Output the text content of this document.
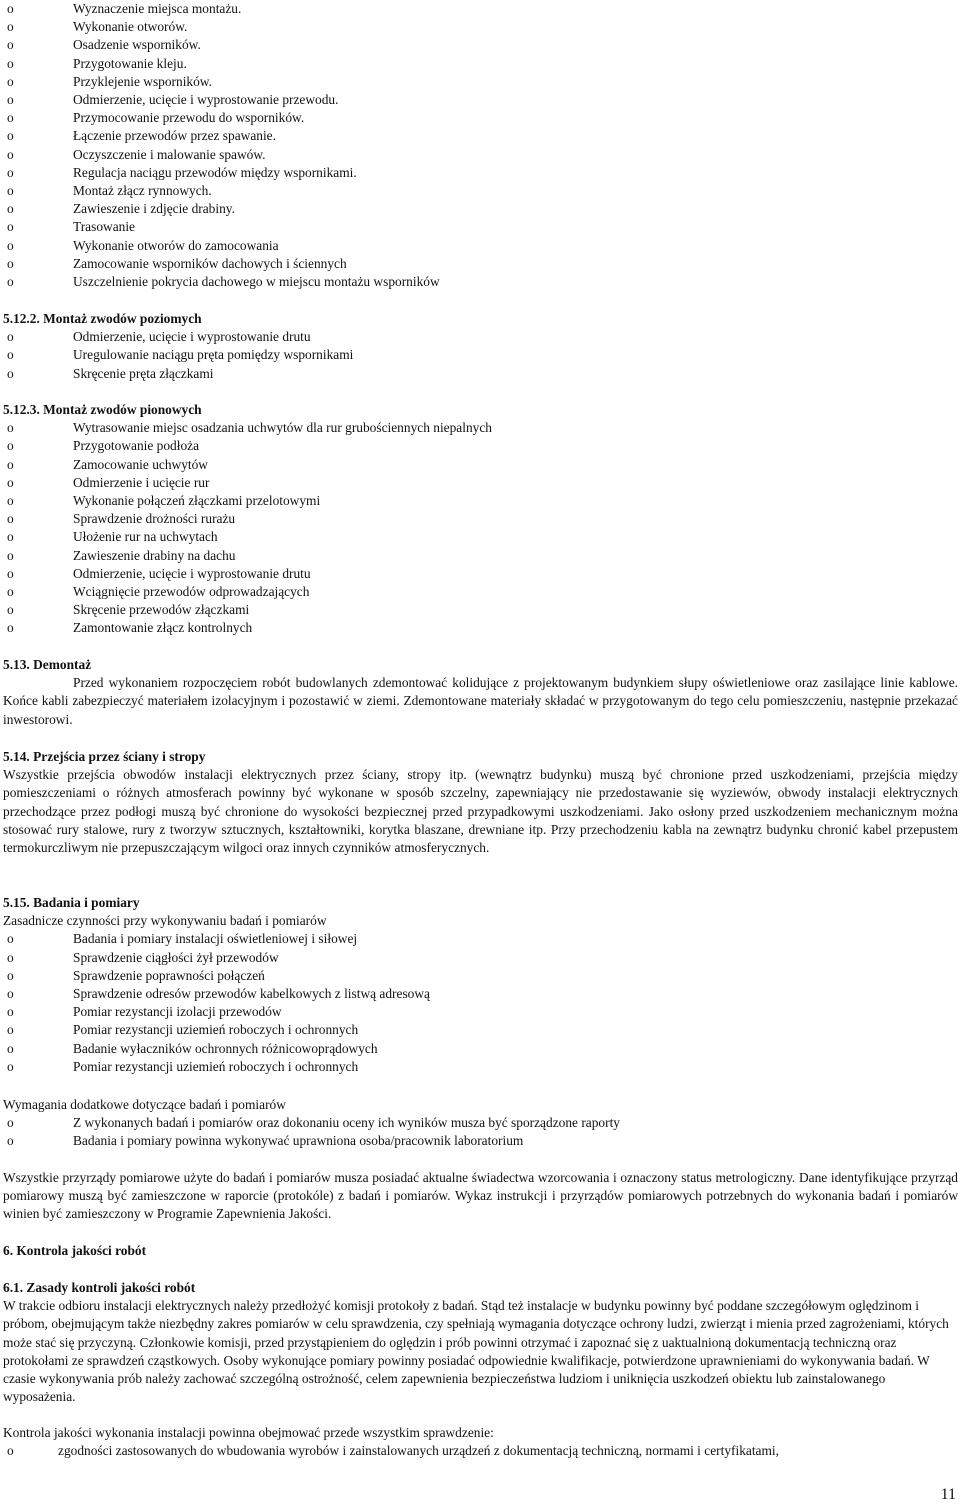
o Wyznaczenie miejsca montażu.
o Wykonanie otworów.
o Osadzenie wsporników.
o Przygotowanie kleju.
o Przyklejenie wsporników.
o Odmierzenie, ucięcie i wyprostowanie przewodu.
o Przymocowanie przewodu do wsporników.
o Łączenie przewodów przez spawanie.
o Oczyszczenie i malowanie spawów.
o Regulacja naciągu przewodów między wspornikami.
o Montaż złącz rynnowych.
o Zawieszenie i zdjęcie drabiny.
o Trasowanie
o Wykonanie otworów do zamocowania
o Zamocowanie wsporników dachowych i ściennych
o Uszczelnienie pokrycia dachowego w miejscu montażu wsporników

5.12.2. Montaż zwodów poziomych

o Odmierzenie, ucięcie i wyprostowanie drutu
o Uregulowanie naciągu pręta pomiędzy wspornikami
o Skręcenie pręta złączkami

5.12.3. Montaż zwodów pionowych

o Wytrasowanie miejsc osadzania uchwytów dla rur grubościennych niepalnych
o Przygotowanie podłoża
o Zamocowanie uchwytów
o Odmierzenie i ucięcie rur
o Wykonanie połączeń złączkami przelotowymi
o Sprawdzenie drożności rurażu
o Ułożenie rur na uchwytach
o Zawieszenie drabiny na dachu
o Odmierzenie, ucięcie i wyprostowanie drutu
o Wciągnięcie przewodów odprowadzających
o Skręcenie przewodów złączkami
o Zamontowanie złącz kontrolnych

5.13. Demontaż

Przed wykonaniem rozpoczęciem robót budowlanych zdemontować kolidujące z projektowanym budynkiem słupy oświetleniowe oraz zasilające linie kablowe. Końce kabli zabezpieczyć materiałem izolacyjnym i pozostawić w ziemi. Zdemontowane materiały składać w przygotowanym do tego celu pomieszczeniu, następnie przekazać inwestorowi.

5.14. Przejścia przez ściany i stropy

Wszystkie przejścia obwodów instalacji elektrycznych przez ściany, stropy itp. (wewnątrz budynku) muszą być chronione przed uszkodzeniami, przejścia między pomieszczeniami o różnych atmosferach powinny być wykonane w sposób szczelny, zapewniający nie przedostawanie się wyziewów, obwody instalacji elektrycznych przechodzące przez podłogi muszą być chronione do wysokości bezpiecznej przed przypadkowymi uszkodzeniami. Jako osłony przed uszkodzeniem mechanicznym można stosować rury stalowe, rury z tworzyw sztucznych, kształtowniki, korytka blaszane, drewniane itp. Przy przechodzeniu kabla na zewnątrz budynku chronić kabel przepustem termokurczliwym nie przepuszczającym wilgoci oraz innych czynników atmosferycznych.

5.15. Badania i pomiary

Zasadnicze czynności przy wykonywaniu badań i pomiarów

o Badania i pomiary instalacji oświetleniowej i siłowej
o Sprawdzenie ciągłości żył przewodów
o Sprawdzenie poprawności połączeń
o Sprawdzenie odresów przewodów kabelkowych z listwą adresową
o Pomiar rezystancji izolacji przewodów
o Pomiar rezystancji uziemień roboczych i ochronnych
o Badanie wyłaczników ochronnych różnicowoprądowych
o Pomiar rezystancji uziemień roboczych i ochronnych

Wymagania dodatkowe dotyczące badań i pomiarów

o Z wykonanych badań i pomiarów oraz dokonaniu oceny ich wyników musza być sporządzone raporty
o Badania i pomiary powinna wykonywać uprawniona osoba/pracownik laboratorium

Wszystkie przyrządy pomiarowe użyte do badań i pomiarów musza posiadać aktualne świadectwa wzorcowania i oznaczony status metrologiczny. Dane identyfikujące przyrząd pomiarowy muszą być zamieszczone w raporcie (protokóle) z badań i pomiarów. Wykaz instrukcji i przyrządów pomiarowych potrzebnych do wykonania badań i pomiarów winien być zamieszczony w Programie Zapewnienia Jakości.

6. Kontrola jakości robót

6.1. Zasady kontroli jakości robót

W trakcie odbioru instalacji elektrycznych należy przedłożyć komisji protokoły z badań. Stąd też instalacje w budynku powinny być poddane szczegółowym oględzinom i próbom, obejmującym także niezbędny zakres pomiarów w celu sprawdzenia, czy spełniają wymagania dotyczące ochrony ludzi, zwierząt i mienia przed zagrożeniami, których może stać się przyczyną. Członkowie komisji, przed przystąpieniem do oględzin i prób powinni otrzymać i zapoznać się z uaktualnioną dokumentacją techniczną oraz protokołami ze sprawdzeń cząstkowych. Osoby wykonujące pomiary powinny posiadać odpowiednie kwalifikacje, potwierdzone uprawnieniami do wykonywania badań. W czasie wykonywania prób należy zachować szczególną ostrożność, celem zapewnienia bezpieczeństwa ludziom i uniknięcia uszkodzeń obiektu lub zainstalowanego wyposażenia.

Kontrola jakości wykonania instalacji powinna obejmować przede wszystkim sprawdzenie:

o zgodności zastosowanych do wbudowania wyrobów i zainstalowanych urządzeń z dokumentacją techniczną, normami i certyfikatami,
11
